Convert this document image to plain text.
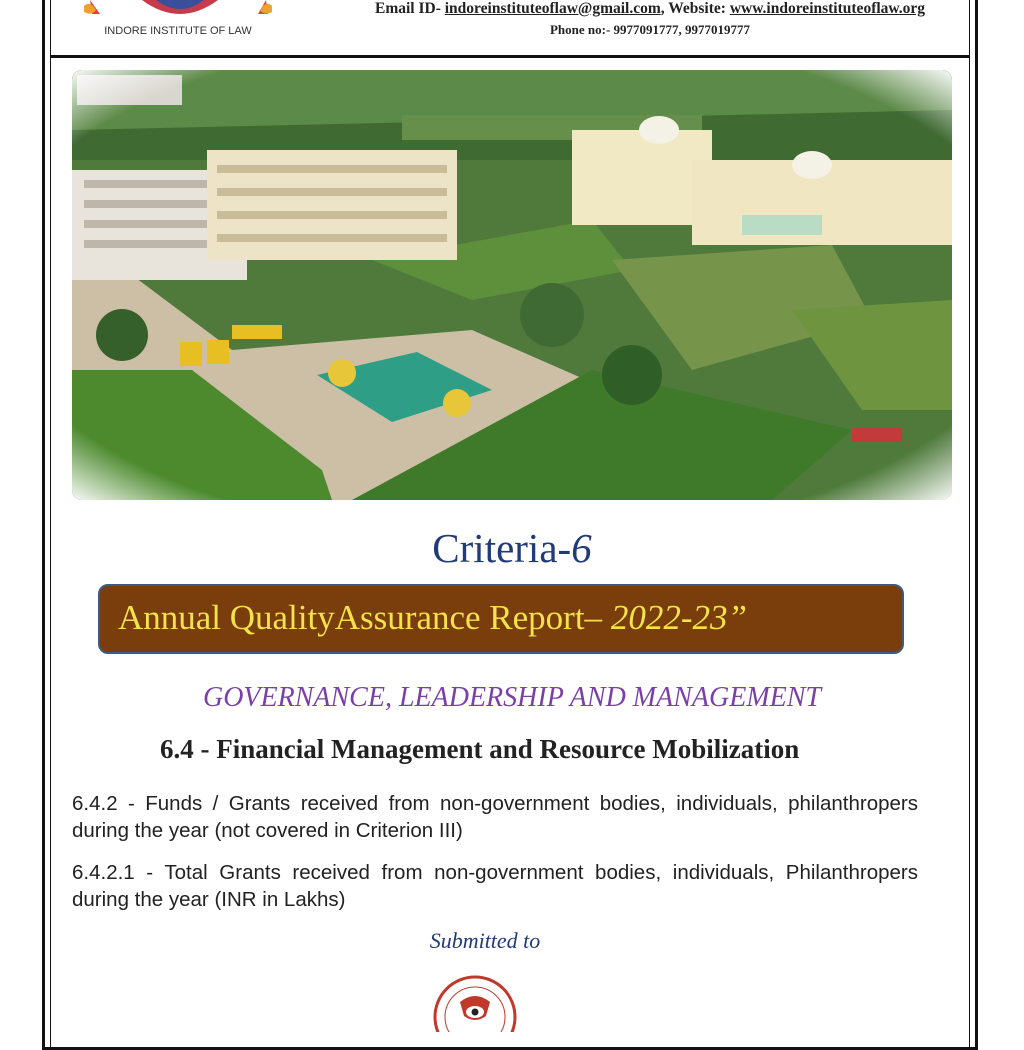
INDORE INSTITUTE OF LAW
Email ID- indoreinstituteoflaw@gmail.com, Website: www.indoreinstituteoflaw.org
Phone no:- 9977091777, 9977019777
Criteria-6
Annual QualityAssurance Report– 2022-23”
GOVERNANCE, LEADERSHIP AND MANAGEMENT
6.4 - Financial Management and Resource Mobilization
6.4.2 - Funds / Grants received from non-government bodies, individuals, philanthropers during the year (not covered in Criterion III)
6.4.2.1 - Total Grants received from non-government bodies, individuals, Philanthropers during the year (INR in Lakhs)
Submitted to
